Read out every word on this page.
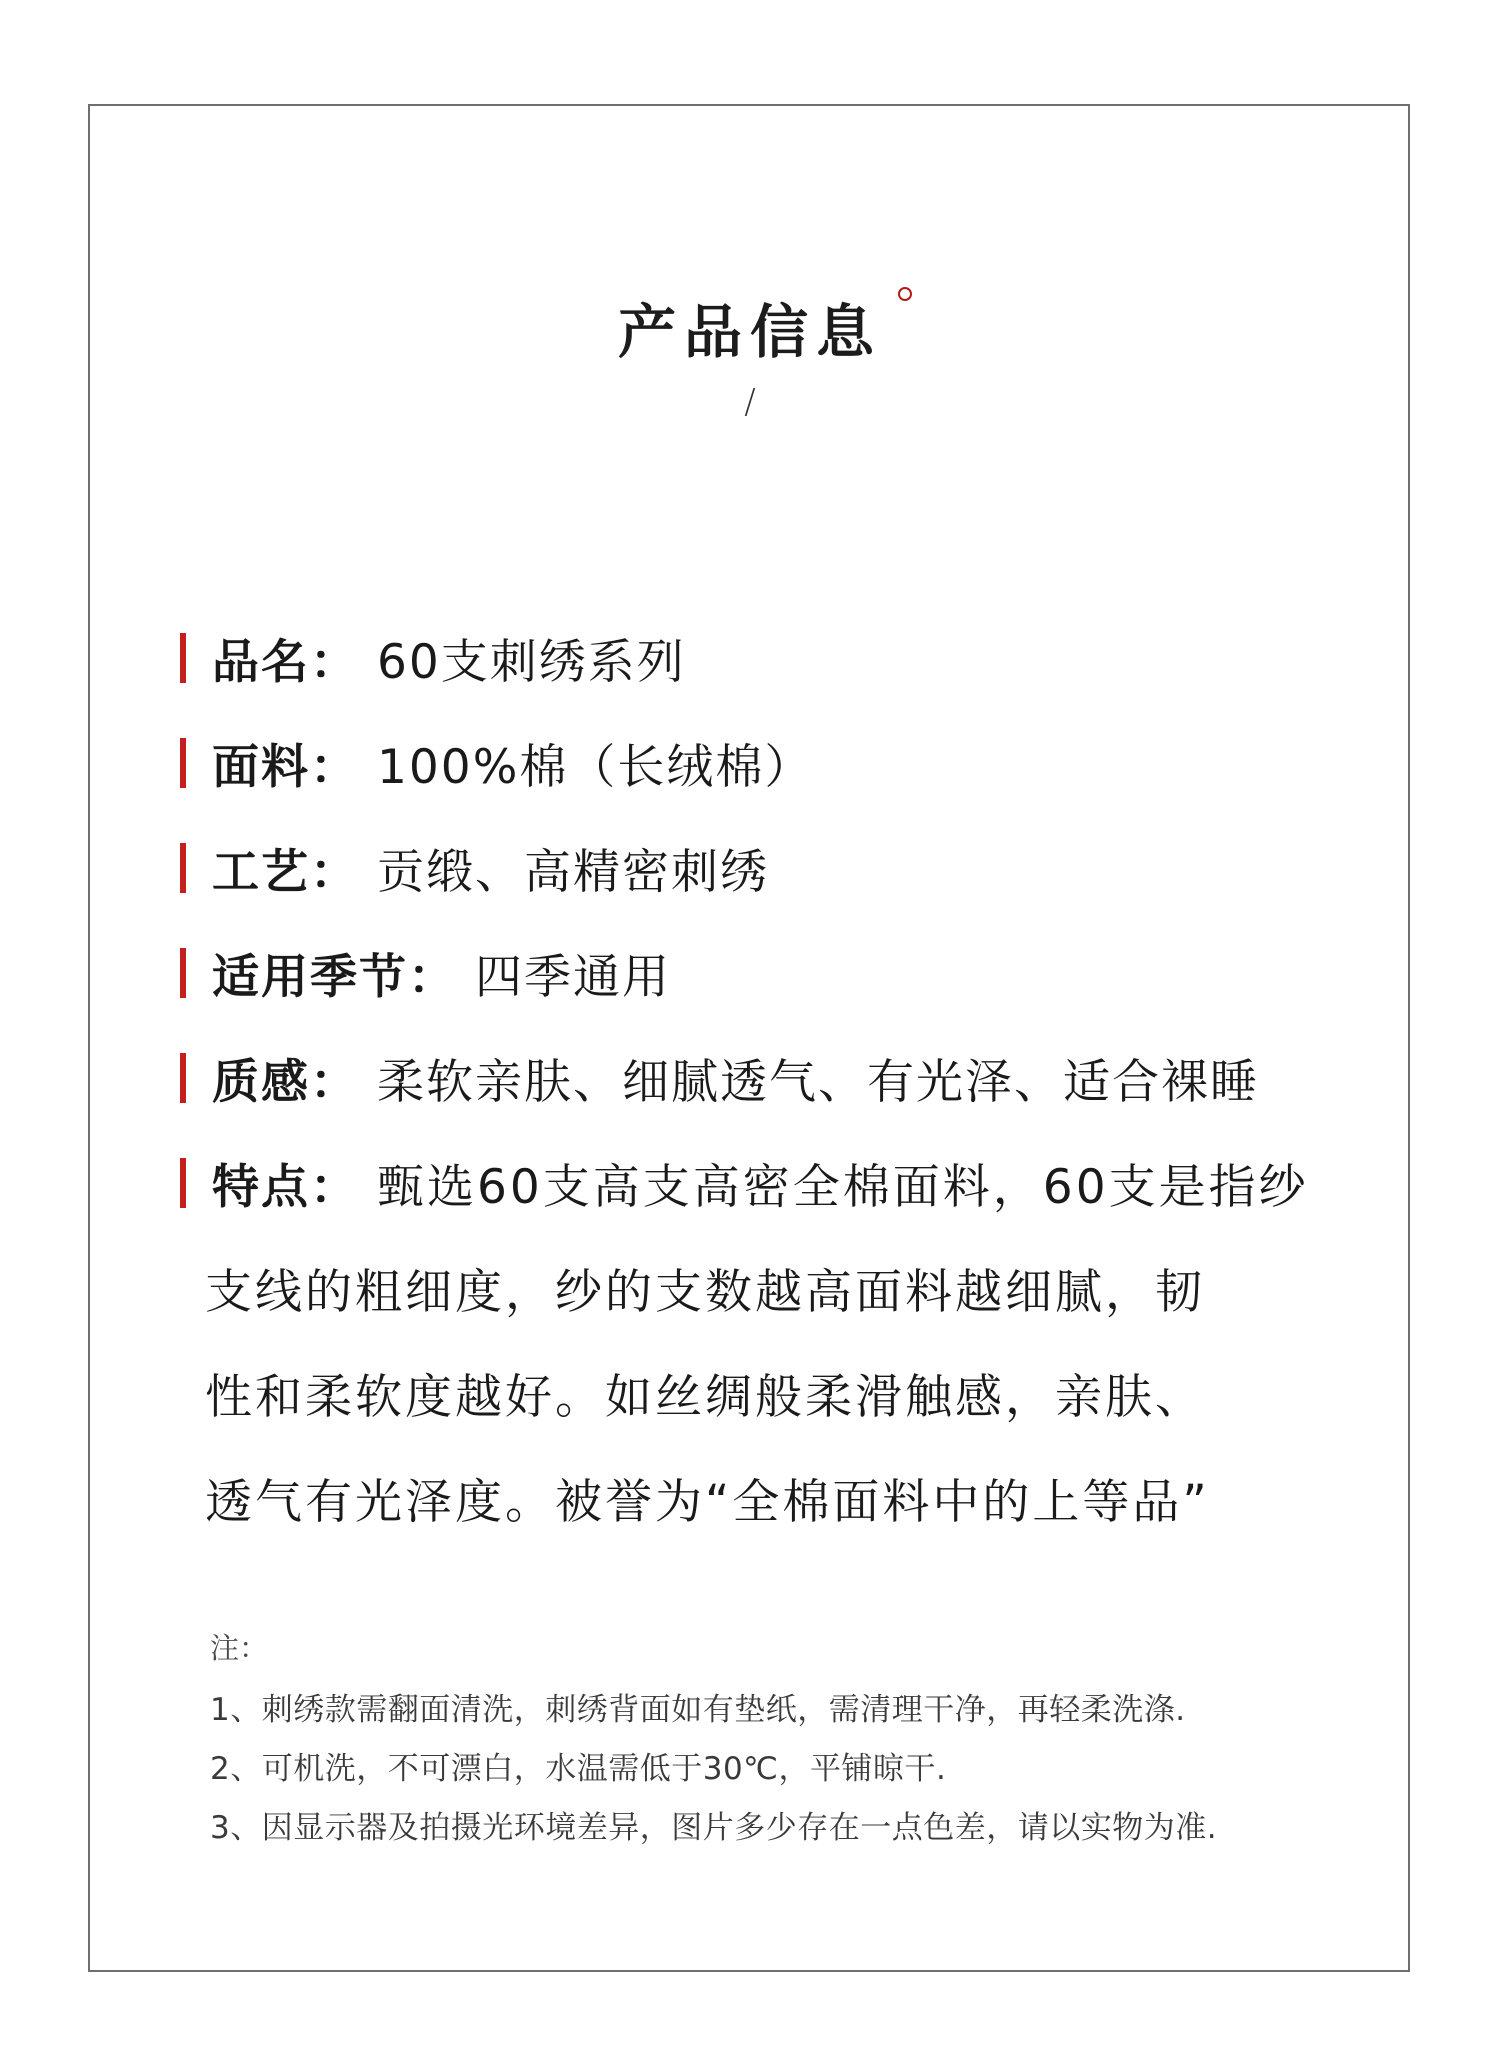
产品信息
/
品名 ： 60支刺绣系列
面料 ： 100%棉（长绒棉）
工艺 ： 贡缎、高精密刺绣
适用季节 ： 四季通用
质感 ： 柔软亲肤、细腻透气、有光泽、适合裸睡
特点 ： 甄选60支高支高密全棉面料，60支是指纱
支线的粗细度，纱的支数越高面料越细腻，韧
性和柔软度越好。如丝绸般柔滑触感，亲肤、
透气有光泽度。被誉为“全棉面料中的上等品”
注：
1、刺绣款需翻面清洗，刺绣背面如有垫纸，需清理干净，再轻柔洗涤.
2、可机洗，不可漂白，水温需低于30℃，平铺晾干.
3、因显示器及拍摄光环境差异，图片多少存在一点色差，请以实物为准.
